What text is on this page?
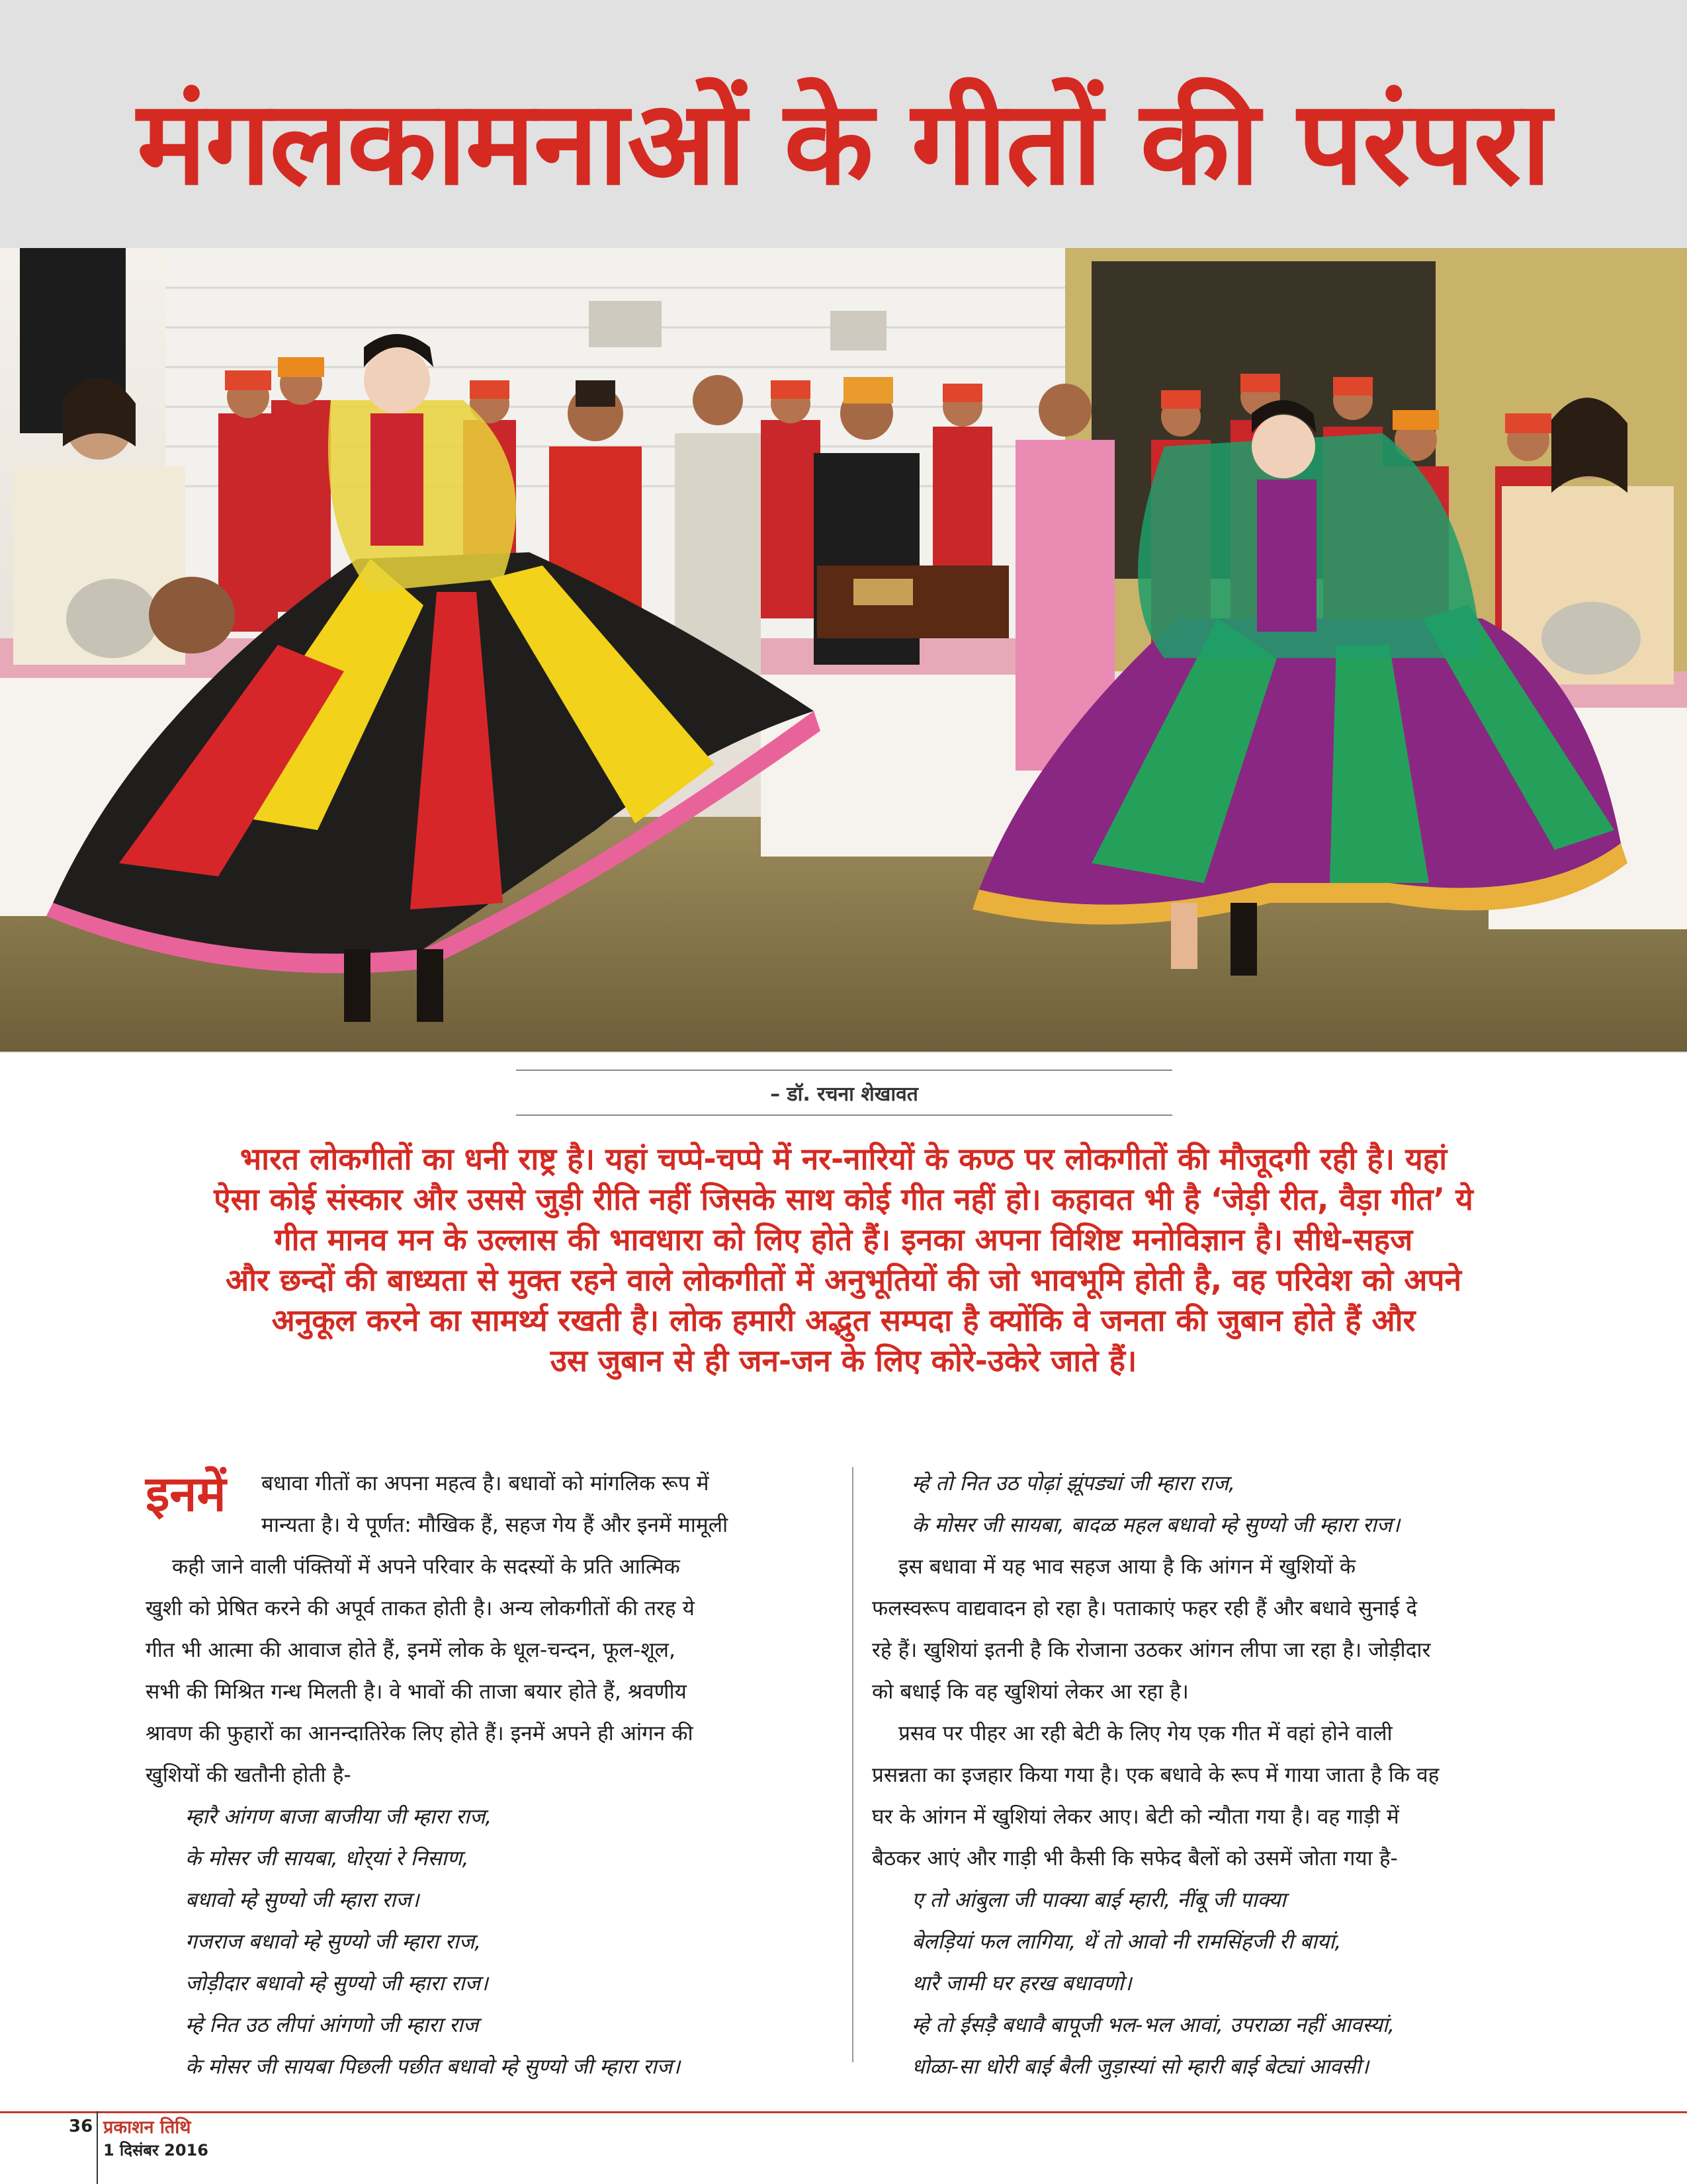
मंगलकामनाओं के गीतों की परंपरा
– डॉ. रचना शेखावत

भारत लोकगीतों का धनी राष्ट्र है। यहां चप्पे-चप्पे में नर-नारियों के कण्ठ पर लोकगीतों की मौजूदगी रही है। यहां

ऐसा कोई संस्कार और उससे जुड़ी रीति नहीं जिसके साथ कोई गीत नहीं हो। कहावत भी है ‘जेड़ी रीत, वैड़ा गीत’ ये

गीत मानव मन के उल्लास की भावधारा को लिए होते हैं। इनका अपना विशिष्ट मनोविज्ञान है। सीधे-सहज

और छन्दों की बाध्यता से मुक्त रहने वाले लोकगीतों में अनुभूतियों की जो भावभूमि होती है, वह परिवेश को अपने

अनुकूल करने का सामर्थ्य रखती है। लोक हमारी अद्भुत सम्पदा है क्योंकि वे जनता की जुबान होते हैं और

उस जुबान से ही जन-जन के लिए कोरे-उकेरे जाते हैं।

इनमें	बधावा गीतों का अपना महत्व है। बधावों को मांगलिक रूप में

मान्यता है। ये पूर्णत: मौखिक हैं, सहज गेय हैं और इनमें मामूली

कही जाने वाली पंक्तियों में अपने परिवार के सदस्यों के प्रति आत्मिक

खुशी को प्रेषित करने की अपूर्व ताकत होती है। अन्य लोकगीतों की तरह ये

गीत भी आत्मा की आवाज होते हैं, इनमें लोक के धूल-चन्दन, फूल-शूल,

सभी की मिश्रित गन्ध मिलती है। वे भावों की ताजा बयार होते हैं, श्रवणीय

श्रावण की फुहारों का आनन्दातिरेक लिए होते हैं। इनमें अपने ही आंगन की

खुशियों की खतौनी होती है-

म्हारै आंगण बाजा बाजीया जी म्हारा राज,

के मोसर जी सायबा, धोर्‌यां रे निसाण,

बधावो म्हे सुण्यो जी म्हारा राज।

गजराज बधावो म्हे सुण्यो जी म्हारा राज,

जोड़ीदार बधावो म्हे सुण्यो जी म्हारा राज।

म्हे नित उठ लीपां आंगणो जी म्हारा राज

के मोसर जी सायबा पिछली पछीत बधावो म्हे सुण्यो जी म्हारा राज।

म्हे तो नित उठ पोढ़ां झूंपड्यां जी म्हारा राज,

के मोसर जी सायबा, बादळ महल बधावो म्हे सुण्यो जी म्हारा राज।

इस बधावा में यह भाव सहज आया है कि आंगन में खुशियों के

फलस्वरूप वाद्यवादन हो रहा है। पताकाएं फहर रही हैं और बधावे सुनाई दे

रहे हैं। खुशियां इतनी है कि रोजाना उठकर आंगन लीपा जा रहा है। जोड़ीदार

को बधाई कि वह खुशियां लेकर आ रहा है।

प्रसव पर पीहर आ रही बेटी के लिए गेय एक गीत में वहां होने वाली

प्रसन्नता का इजहार किया गया है। एक बधावे के रूप में गाया जाता है कि वह

घर के आंगन में खुशियां लेकर आए। बेटी को न्यौता गया है। वह गाड़ी में

बैठकर आएं और गाड़ी भी कैसी कि सफेद बैलों को उसमें जोता गया है-

ए तो आंबुला जी पाक्या बाई म्हारी, नींबू जी पाक्या

बेलड़ियां फल लागिया, थें तो आवो नी रामसिंहजी री बायां,

थारै जामी घर हरख बधावणो।

म्हे तो ईसड़ै बधावै बापूजी भल-भल आवां, उपराळा नहीं आवस्यां,

धोळा-सा धोरी बाई बैली जुड़ास्यां सो म्हारी बाई बेट्यां आवसी।

36 प्रकाशन तिथि
1 दिसंबर 2016
